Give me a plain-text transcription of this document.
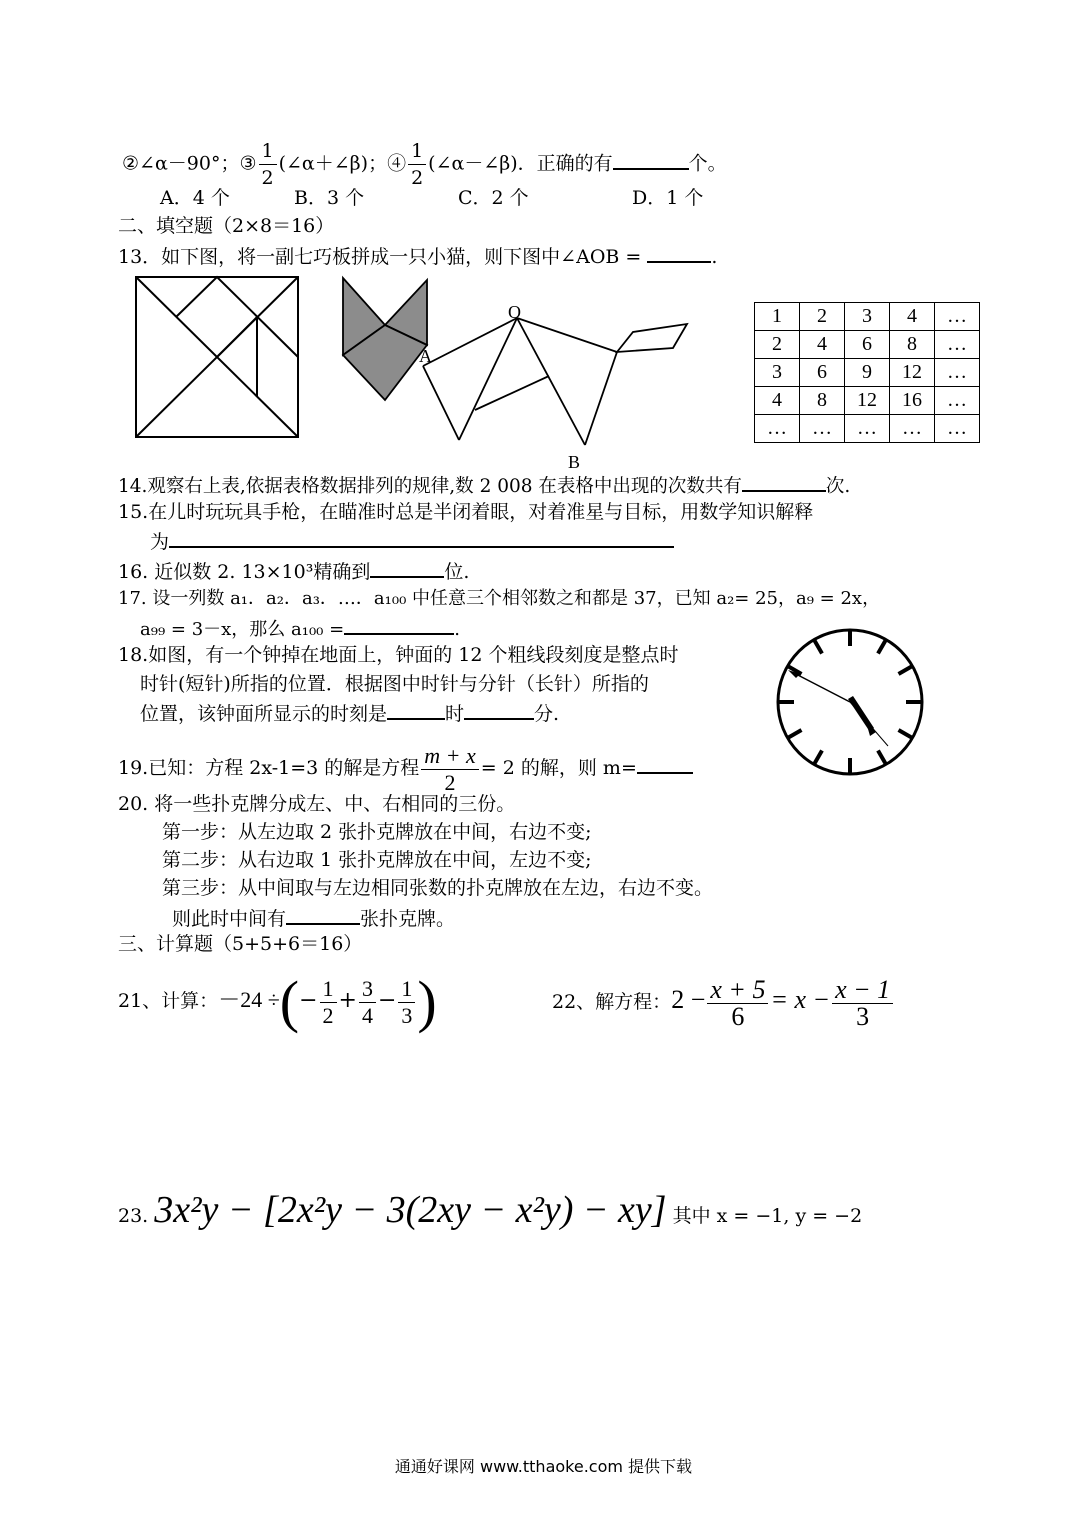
②∠α－90°；③ $\frac{1}{2}$ (∠α＋∠β)；④ $\frac{1}{2}$ (∠α－∠β)．正确的有	个。
A．4 个	B．3 个	C．2 个	D．1 个
二、填空题（2×8＝16）
13．如下图，将一副七巧板拼成一只小猫，则下图中∠AOB =	.
A
O
B
1	2	3	4	…
2	4	6	8	…
3	6	9	12	…
4	8	12	16	…
…	…	…	…	…
14.观察右上表,依据表格数据排列的规律,数 2 008 在表格中出现的次数共有	次.
15.在儿时玩玩具手枪，在瞄准时总是半闭着眼，对着准星与目标，用数学知识解释
为
16. 近似数 2. 13×10³精确到	位.
17. 设一列数 a₁．a₂．a₃．…．a₁₀₀ 中任意三个相邻数之和都是 37，已知 a₂= 25，a₉ = 2x，
a₉₉ = 3－x，那么 a₁₀₀ =	.
18.如图，有一个钟掉在地面上，钟面的 12 个粗线段刻度是整点时
时针(短针)所指的位置．根据图中时针与分针（长针）所指的
位置，该钟面所显示的时刻是	时	分.
19.已知：方程 2x-1=3 的解是方程 $\frac{m + x}{2} = 2$ 的解，则 m=
20. 将一些扑克牌分成左、中、右相同的三份。
第一步：从左边取 2 张扑克牌放在中间，右边不变;
第二步：从右边取 1 张扑克牌放在中间，左边不变;
第三步：从中间取与左边相同张数的扑克牌放在左边，右边不变。
则此时中间有	张扑克牌。
三、计算题（5+5+6＝16）
21、计算：－24 ÷(− $\frac{1}{2} + \frac{3}{4} - \frac{1}{3}$ )	22、解方程：$2 - \frac{x + 5}{6} = x - \frac{x - 1}{3}$
23. 3x²y − [2x²y − 3(2xy − x²y) − xy] 其中 x = −1, y = −2
通通好课网 www.tthaoke.com 提供下载
